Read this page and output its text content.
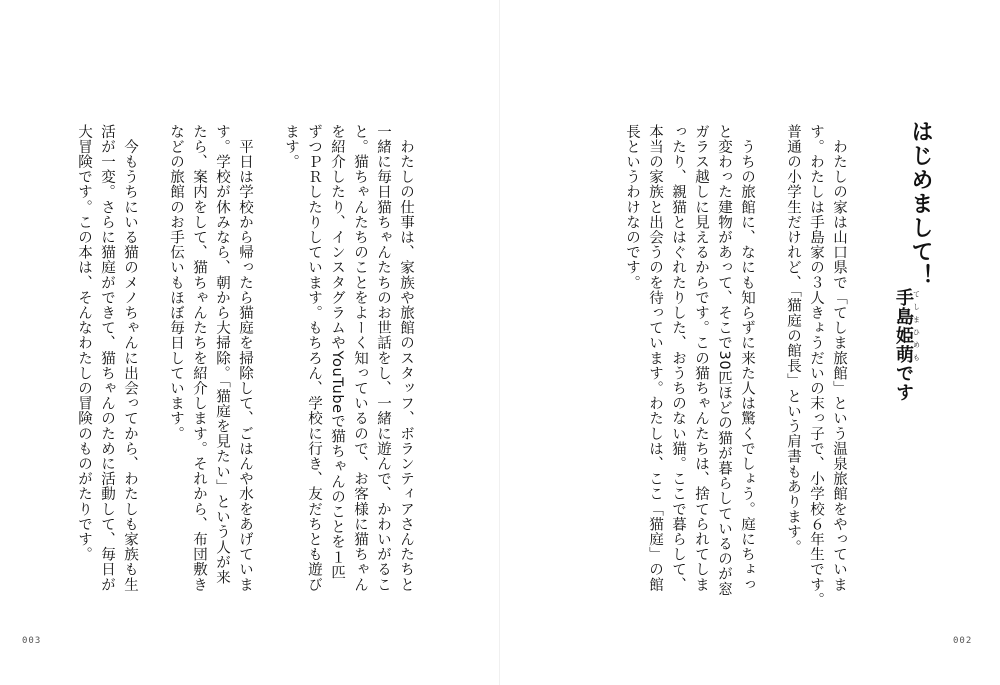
はじめまして！
手島てしま姫萌ひめもです
　わたしの家は山口県で「てしま旅館」という温泉旅館をやっていま
す。わたしは手島家の３人きょうだいの末っ子で、小学校６年生です。
普通の小学生だけれど、「猫庭の館長」という肩書もあります。
　うちの旅館に、なにも知らずに来た人は驚くでしょう。庭にちょっ
と変わった建物があって、そこで30匹ほどの猫が暮らしているのが窓
ガラス越しに見えるからです。この猫ちゃんたちは、捨てられてしま
ったり、親猫とはぐれたりした、おうちのない猫。ここで暮らして、
本当の家族と出会うのを待っています。わたしは、ここ「猫庭」の館
長というわけなのです。
　わたしの仕事は、家族や旅館のスタッフ、ボランティアさんたちと
一緒に毎日猫ちゃんたちのお世話をし、一緒に遊んで、かわいがるこ
と。猫ちゃんたちのことをよーく知っているので、お客様に猫ちゃん
を紹介したり、インスタグラムやYouTubeで猫ちゃんのことを１匹
ずつＰＲしたりしています。もちろん、学校に行き、友だちとも遊び
ます。
　平日は学校から帰ったら猫庭を掃除して、ごはんや水をあげていま
す。学校が休みなら、朝から大掃除。「猫庭を見たい」という人が来
たら、案内をして、猫ちゃんたちを紹介します。それから、布団敷き
などの旅館のお手伝いもほぼ毎日しています。
　今もうちにいる猫のメノちゃんに出会ってから、わたしも家族も生
活が一変。さらに猫庭ができて、猫ちゃんのために活動して、毎日が
大冒険です。この本は、そんなわたしの冒険のものがたりです。
003	002
